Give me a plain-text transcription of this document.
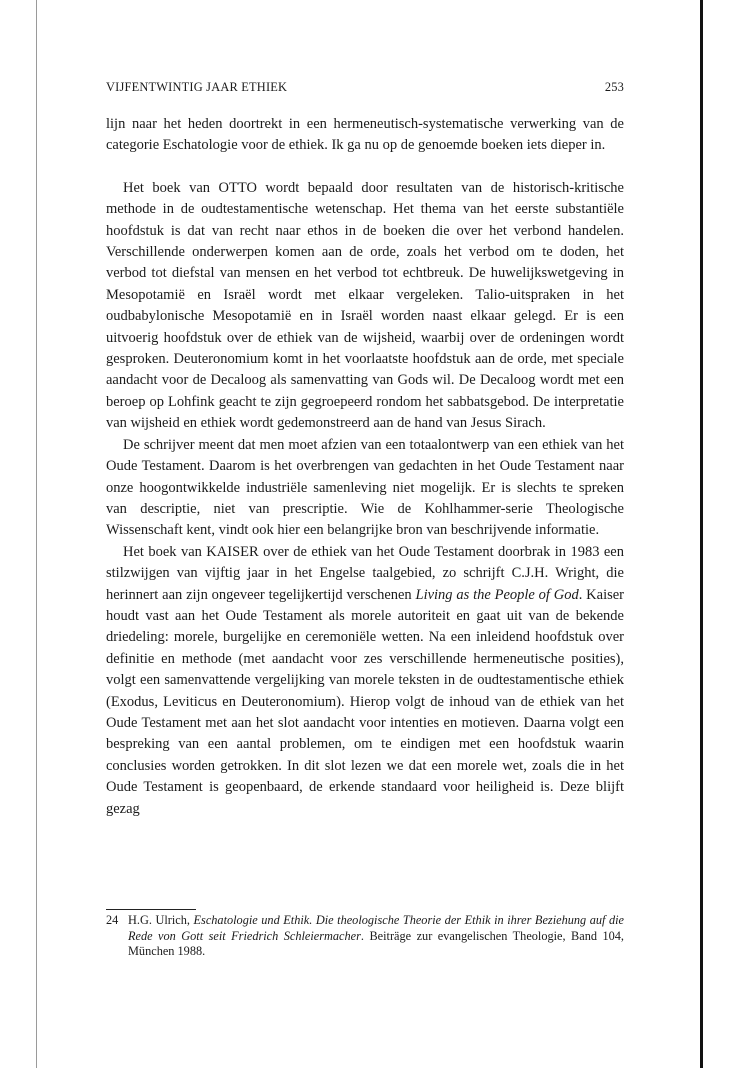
VIJFENTWINTIG JAAR ETHIEK	253

lijn naar het heden doortrekt in een hermeneutisch-systematische verwerking van de categorie Eschatologie voor de ethiek. Ik ga nu op de genoemde boeken iets dieper in.

Het boek van OTTO wordt bepaald door resultaten van de historisch-kritische methode in de oudtestamentische wetenschap. Het thema van het eerste substantiële hoofdstuk is dat van recht naar ethos in de boeken die over het verbond handelen. Verschillende onderwerpen komen aan de orde, zoals het verbod om te doden, het verbod tot diefstal van mensen en het verbod tot echtbreuk. De huwelijkswetgeving in Mesopotamië en Israël wordt met elkaar vergeleken. Talio-uitspraken in het oudbabylonische Mesopotamië en in Israël worden naast elkaar gelegd. Er is een uitvoerig hoofdstuk over de ethiek van de wijsheid, waarbij over de ordeningen wordt gesproken. Deuteronomium komt in het voorlaatste hoofdstuk aan de orde, met speciale aandacht voor de Decaloog als samenvatting van Gods wil. De Decaloog wordt met een beroep op Lohfink geacht te zijn gegroepeerd rondom het sabbatsgebod. De interpretatie van wijsheid en ethiek wordt gedemonstreerd aan de hand van Jesus Sirach.

De schrijver meent dat men moet afzien van een totaalontwerp van een ethiek van het Oude Testament. Daarom is het overbrengen van gedachten in het Oude Testament naar onze hoogontwikkelde industriële samenleving niet mogelijk. Er is slechts te spreken van descriptie, niet van prescriptie. Wie de Kohlhammer-serie Theologische Wissenschaft kent, vindt ook hier een belangrijke bron van beschrijvende informatie.

Het boek van KAISER over de ethiek van het Oude Testament doorbrak in 1983 een stilzwijgen van vijftig jaar in het Engelse taalgebied, zo schrijft C.J.H. Wright, die herinnert aan zijn ongeveer tegelijkertijd verschenen Living as the People of God. Kaiser houdt vast aan het Oude Testament als morele autoriteit en gaat uit van de bekende driedeling: morele, burgelijke en ceremoniële wetten. Na een inleidend hoofdstuk over definitie en methode (met aandacht voor zes verschillende hermeneutische posities), volgt een samenvattende vergelijking van morele teksten in de oudtestamentische ethiek (Exodus, Leviticus en Deuteronomium). Hierop volgt de inhoud van de ethiek van het Oude Testament met aan het slot aandacht voor intenties en motieven. Daarna volgt een bespreking van een aantal problemen, om te eindigen met een hoofdstuk waarin conclusies worden getrokken. In dit slot lezen we dat een morele wet, zoals die in het Oude Testament is geopenbaard, de erkende standaard voor heiligheid is. Deze blijft gezag

24 H.G. Ulrich, Eschatologie und Ethik. Die theologische Theorie der Ethik in ihrer Beziehung auf die Rede von Gott seit Friedrich Schleiermacher. Beiträge zur evangelischen Theologie, Band 104, München 1988.
